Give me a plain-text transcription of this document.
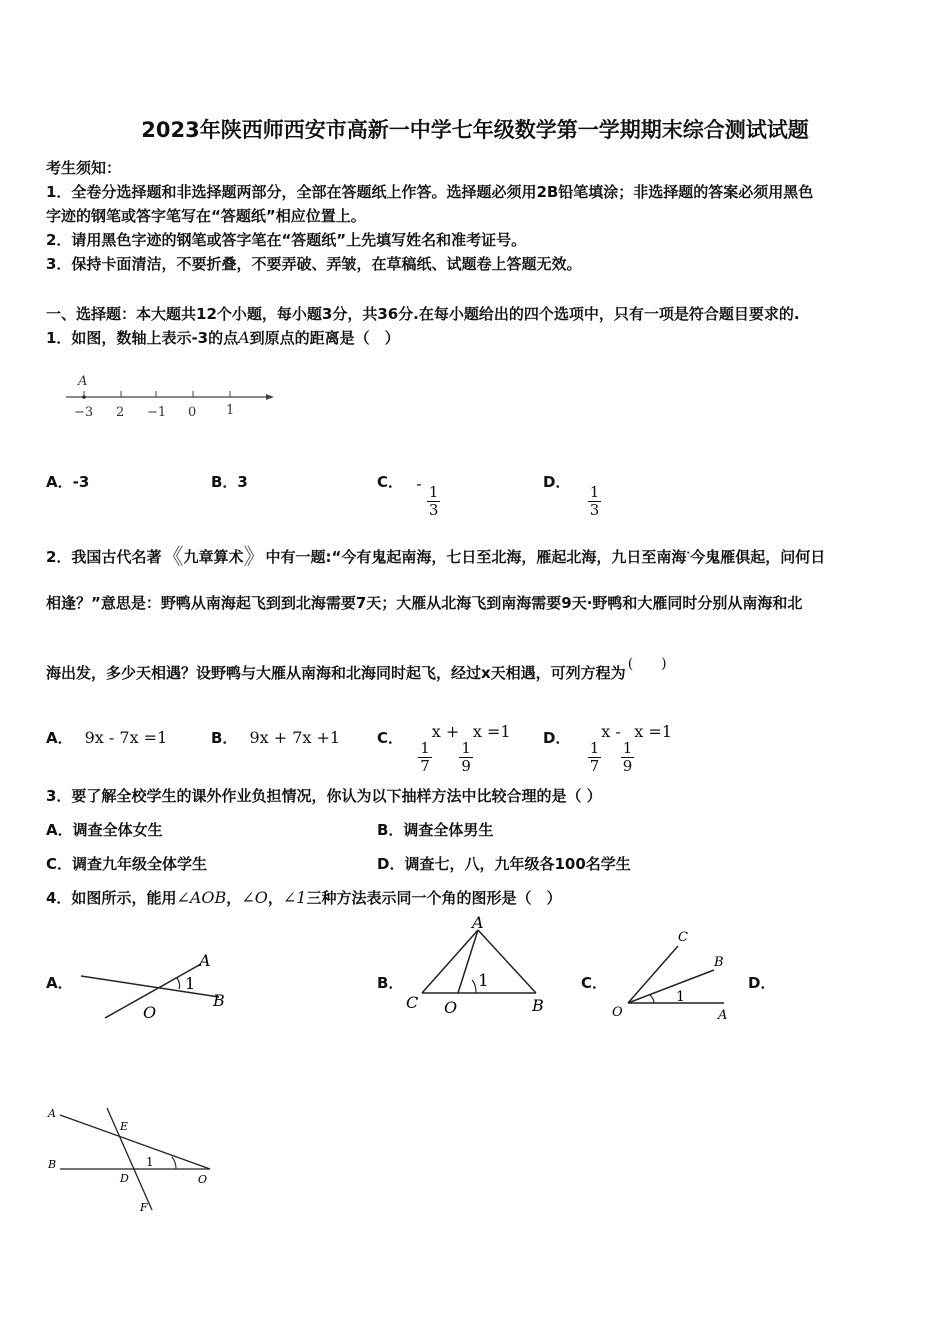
2023年陕西师西安市高新一中学七年级数学第一学期期末综合测试试题
考生须知：
1．全卷分选择题和非选择题两部分，全部在答题纸上作答。选择题必须用2B铅笔填涂；非选择题的答案必须用黑色
字迹的钢笔或答字笔写在“答题纸”相应位置上。
2．请用黑色字迹的钢笔或答字笔在“答题纸”上先填写姓名和准考证号。
3．保持卡面清洁，不要折叠，不要弄破、弄皱，在草稿纸、试题卷上答题无效。
一、选择题：本大题共12个小题，每小题3分，共36分.在每小题给出的四个选项中，只有一项是符合题目要求的.
1．如图，数轴上表示-3的点A到原点的距离是（　）
A
−3 2 −1 0 1
A．-3	B．3	C． -
$\frac{1}{3}$
D．
$\frac{1}{3}$
2．我国古代名著《九章算术》中有一题:“今有鬼起南海，七日至北海，雁起北海，九日至南海·今鬼雁俱起，问何日
相逢？”意思是：野鸭从南海起飞到到北海需要7天；大雁从北海飞到南海需要9天·野鸭和大雁同时分别从南海和北
海出发，多少天相遇？设野鸭与大雁从南海和北海同时起飞，经过x天相遇，可列方程为 (　　)
A． 9x - 7x =1	B． 9x + 7x +1 C．
$\frac{1}{7}$
x +
$\frac{1}{9}$
x =1 D．
$\frac{1}{7}$
x -
$\frac{1}{9}$
x =1
3．要了解全校学生的课外作业负担情况，你认为以下抽样方法中比较合理的是（ ）
A．调查全体女生	B．调查全体男生
C．调查九年级全体学生	D．调查七，八，九年级各100名学生
4．如图所示，能用∠AOB，∠O，∠1三种方法表示同一个角的图形是（　）
A．
A
O
B
1	B．
A
C O	B
1	C．
C
B
O	A
1
D．
A
E
B
D	O
F
1
